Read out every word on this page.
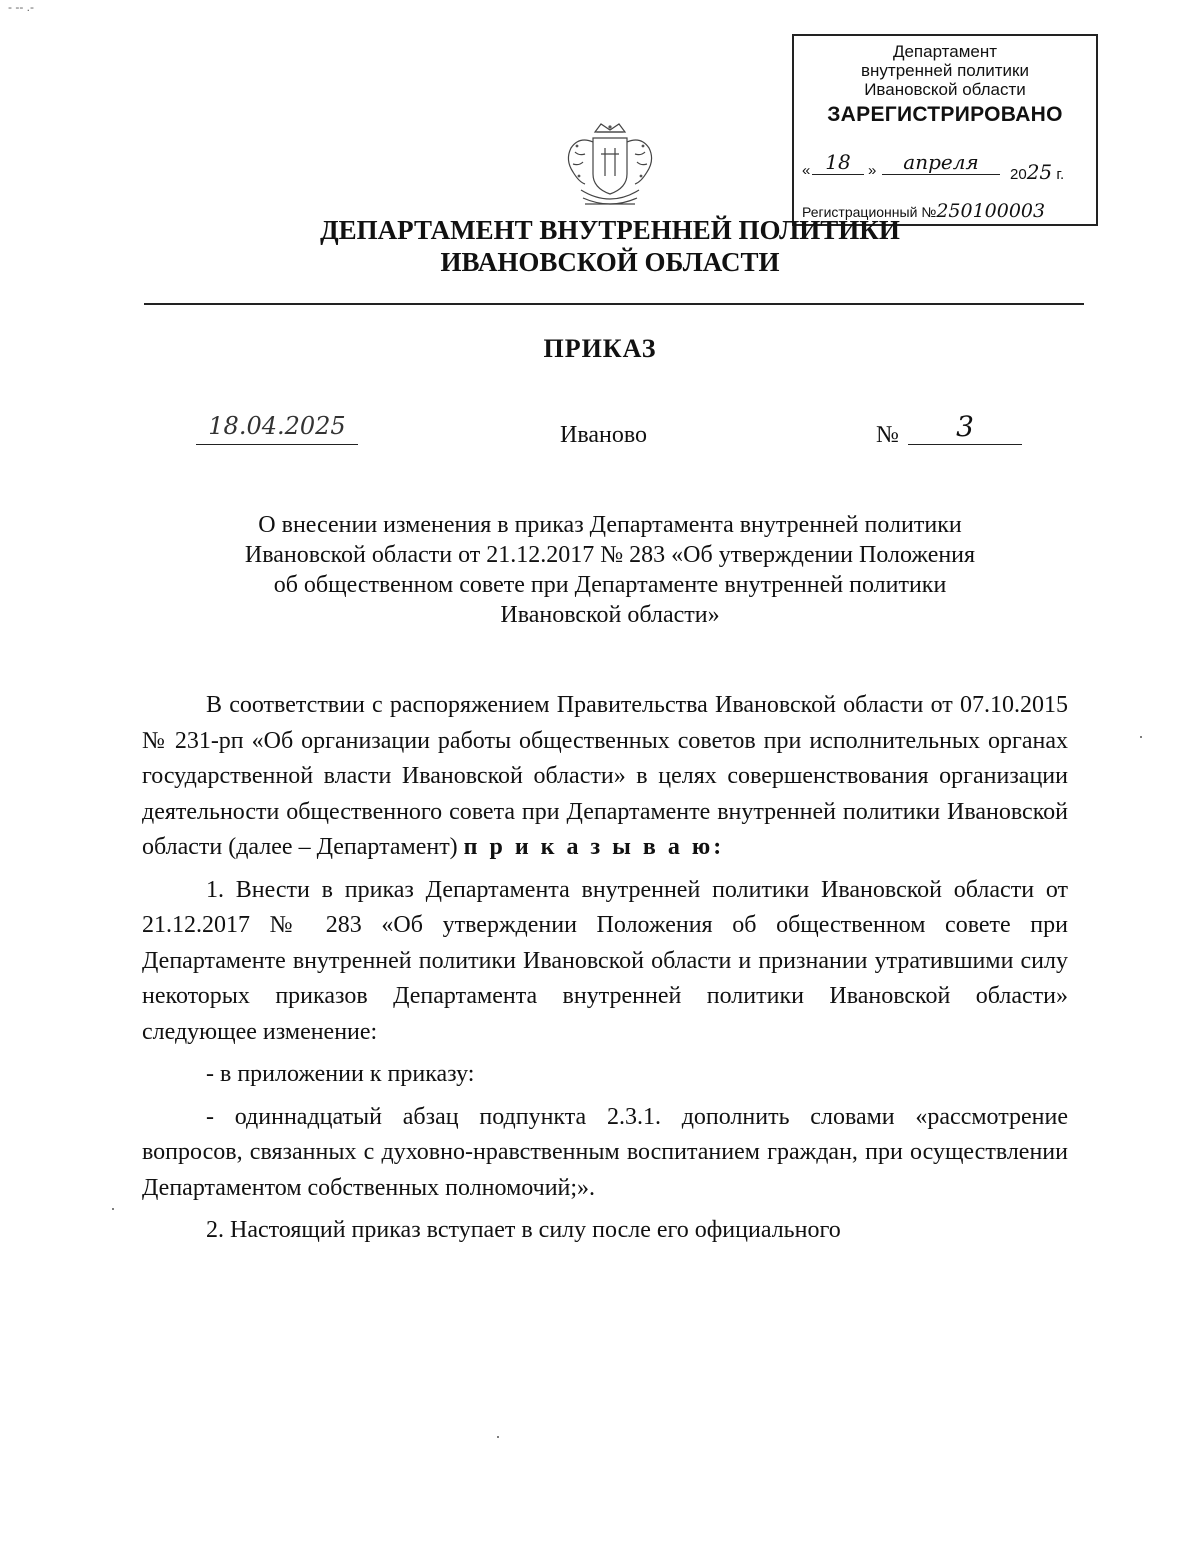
- -- .-
Департамент
внутренней политики
Ивановской области
ЗАРЕГИСТРИРОВАНО
« 18	»	апреля
2025 г.
Регистрационный №250100003
ДЕПАРТАМЕНТ ВНУТРЕННЕЙ ПОЛИТИКИ
ИВАНОВСКОЙ ОБЛАСТИ
ПРИКАЗ
18.04.2025	Иваново	№	3
О внесении изменения в приказ Департамента внутренней политики
Ивановской области от 21.12.2017 № 283 «Об утверждении Положения
об общественном совете при Департаменте внутренней политики
Ивановской области»

В соответствии с распоряжением Правительства Ивановской области от 07.10.2015 № 231-рп «Об организации работы общественных советов при исполнительных органах государственной власти Ивановской области» в целях совершенствования организации деятельности общественного совета при Департаменте внутренней политики Ивановской области (далее – Департамент) п р и к а з ы в а ю:

1. Внести в приказ Департамента внутренней политики Ивановской области от 21.12.2017 № 283 «Об утверждении Положения об общественном совете при Департаменте внутренней политики Ивановской области и признании утратившими силу некоторых приказов Департамента внутренней политики Ивановской области» следующее изменение:

- в приложении к приказу:

- одиннадцатый абзац подпункта 2.3.1. дополнить словами «рассмотрение вопросов, связанных с духовно-нравственным воспитанием граждан, при осуществлении Департаментом собственных полномочий;».

2. Настоящий приказ вступает в силу после его официального
